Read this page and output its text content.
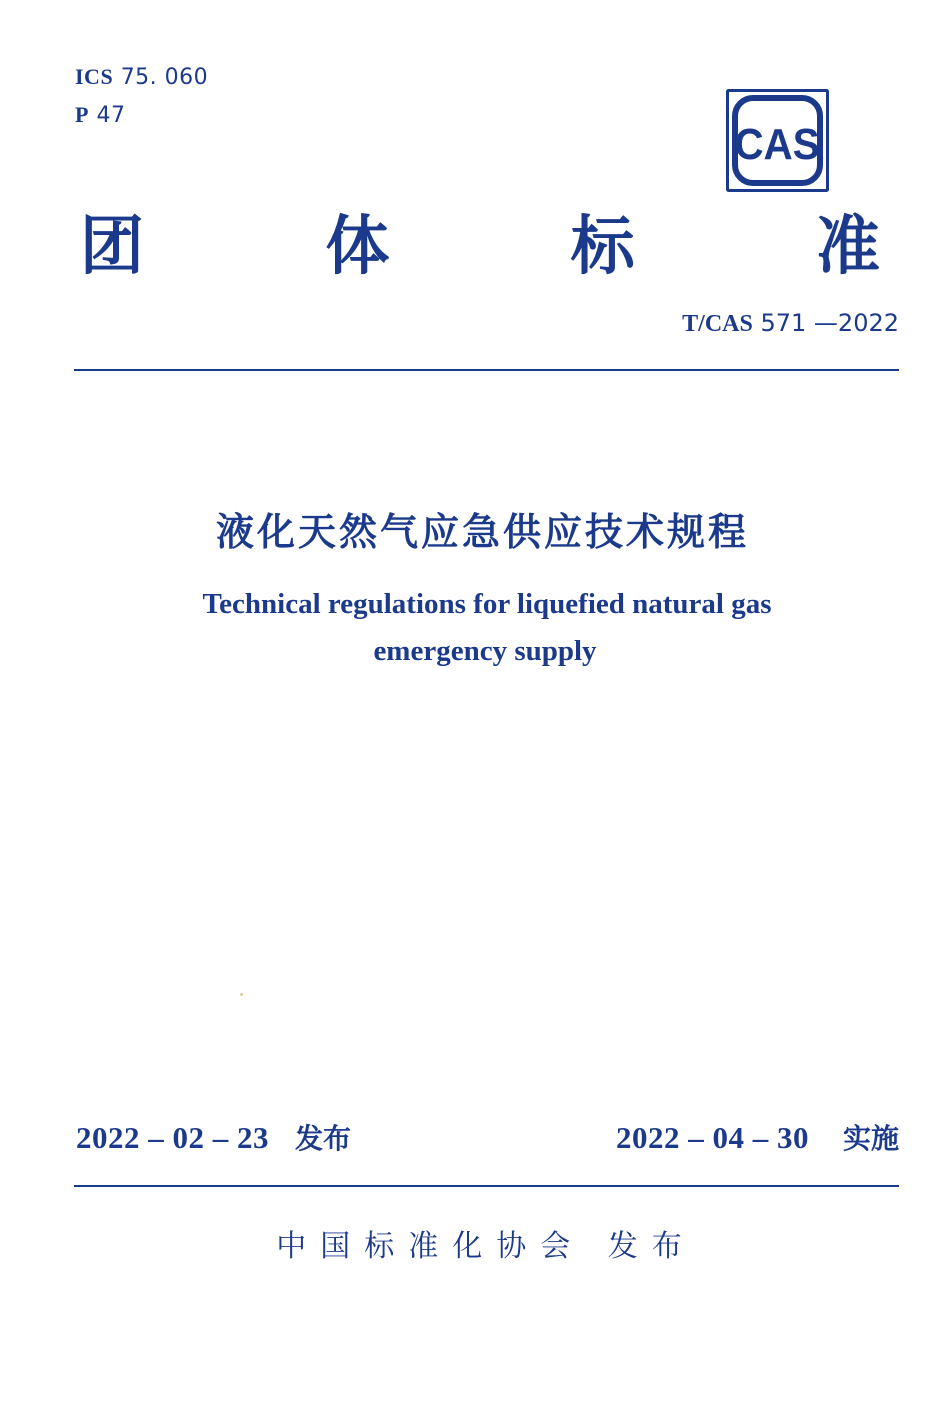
ICS 75. 060
P 47
CAS
团	体	标	准
T/CAS 571 —2022
液化天然气应急供应技术规程
Technical regulations for liquefied natural gas
emergency supply
2022 – 02 – 23 发布	2022 – 04 – 30 实施
中国标准化协会 发布
